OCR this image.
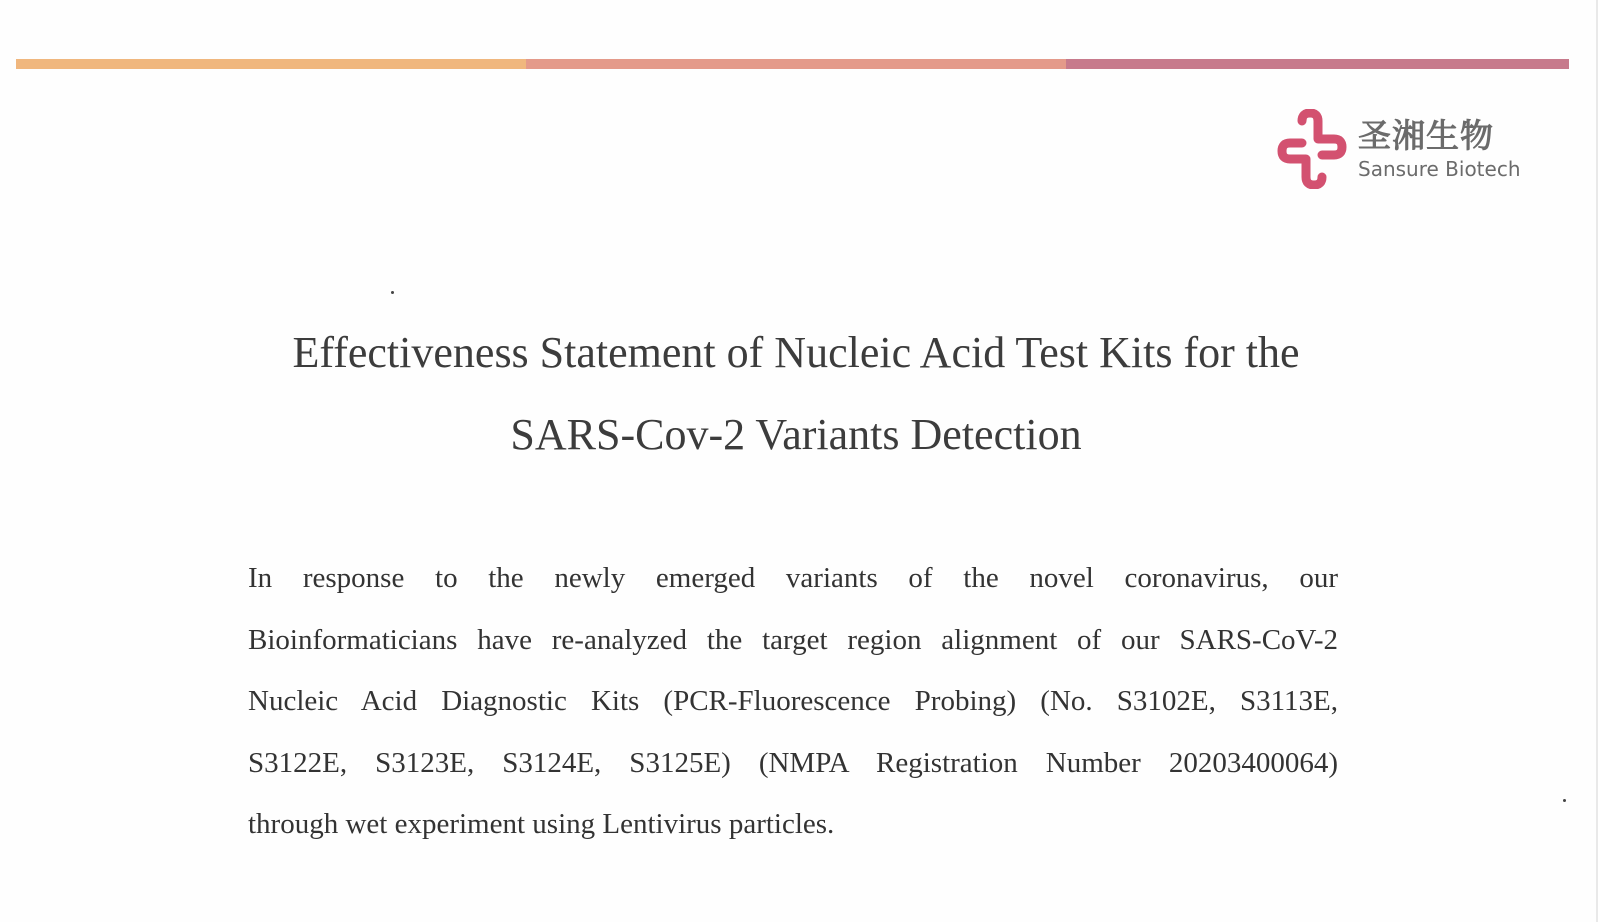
圣湘生物
Sansure Biotech
Effectiveness Statement of Nucleic Acid Test Kits for the
SARS-Cov-2 Variants Detection
In response to the newly emerged variants of the novel coronavirus, our
Bioinformaticians have re-analyzed the target region alignment of our SARS-CoV-2
Nucleic Acid Diagnostic Kits (PCR-Fluorescence Probing) (No. S3102E, S3113E,
S3122E, S3123E, S3124E, S3125E) (NMPA Registration Number 20203400064)
through wet experiment using Lentivirus particles.
